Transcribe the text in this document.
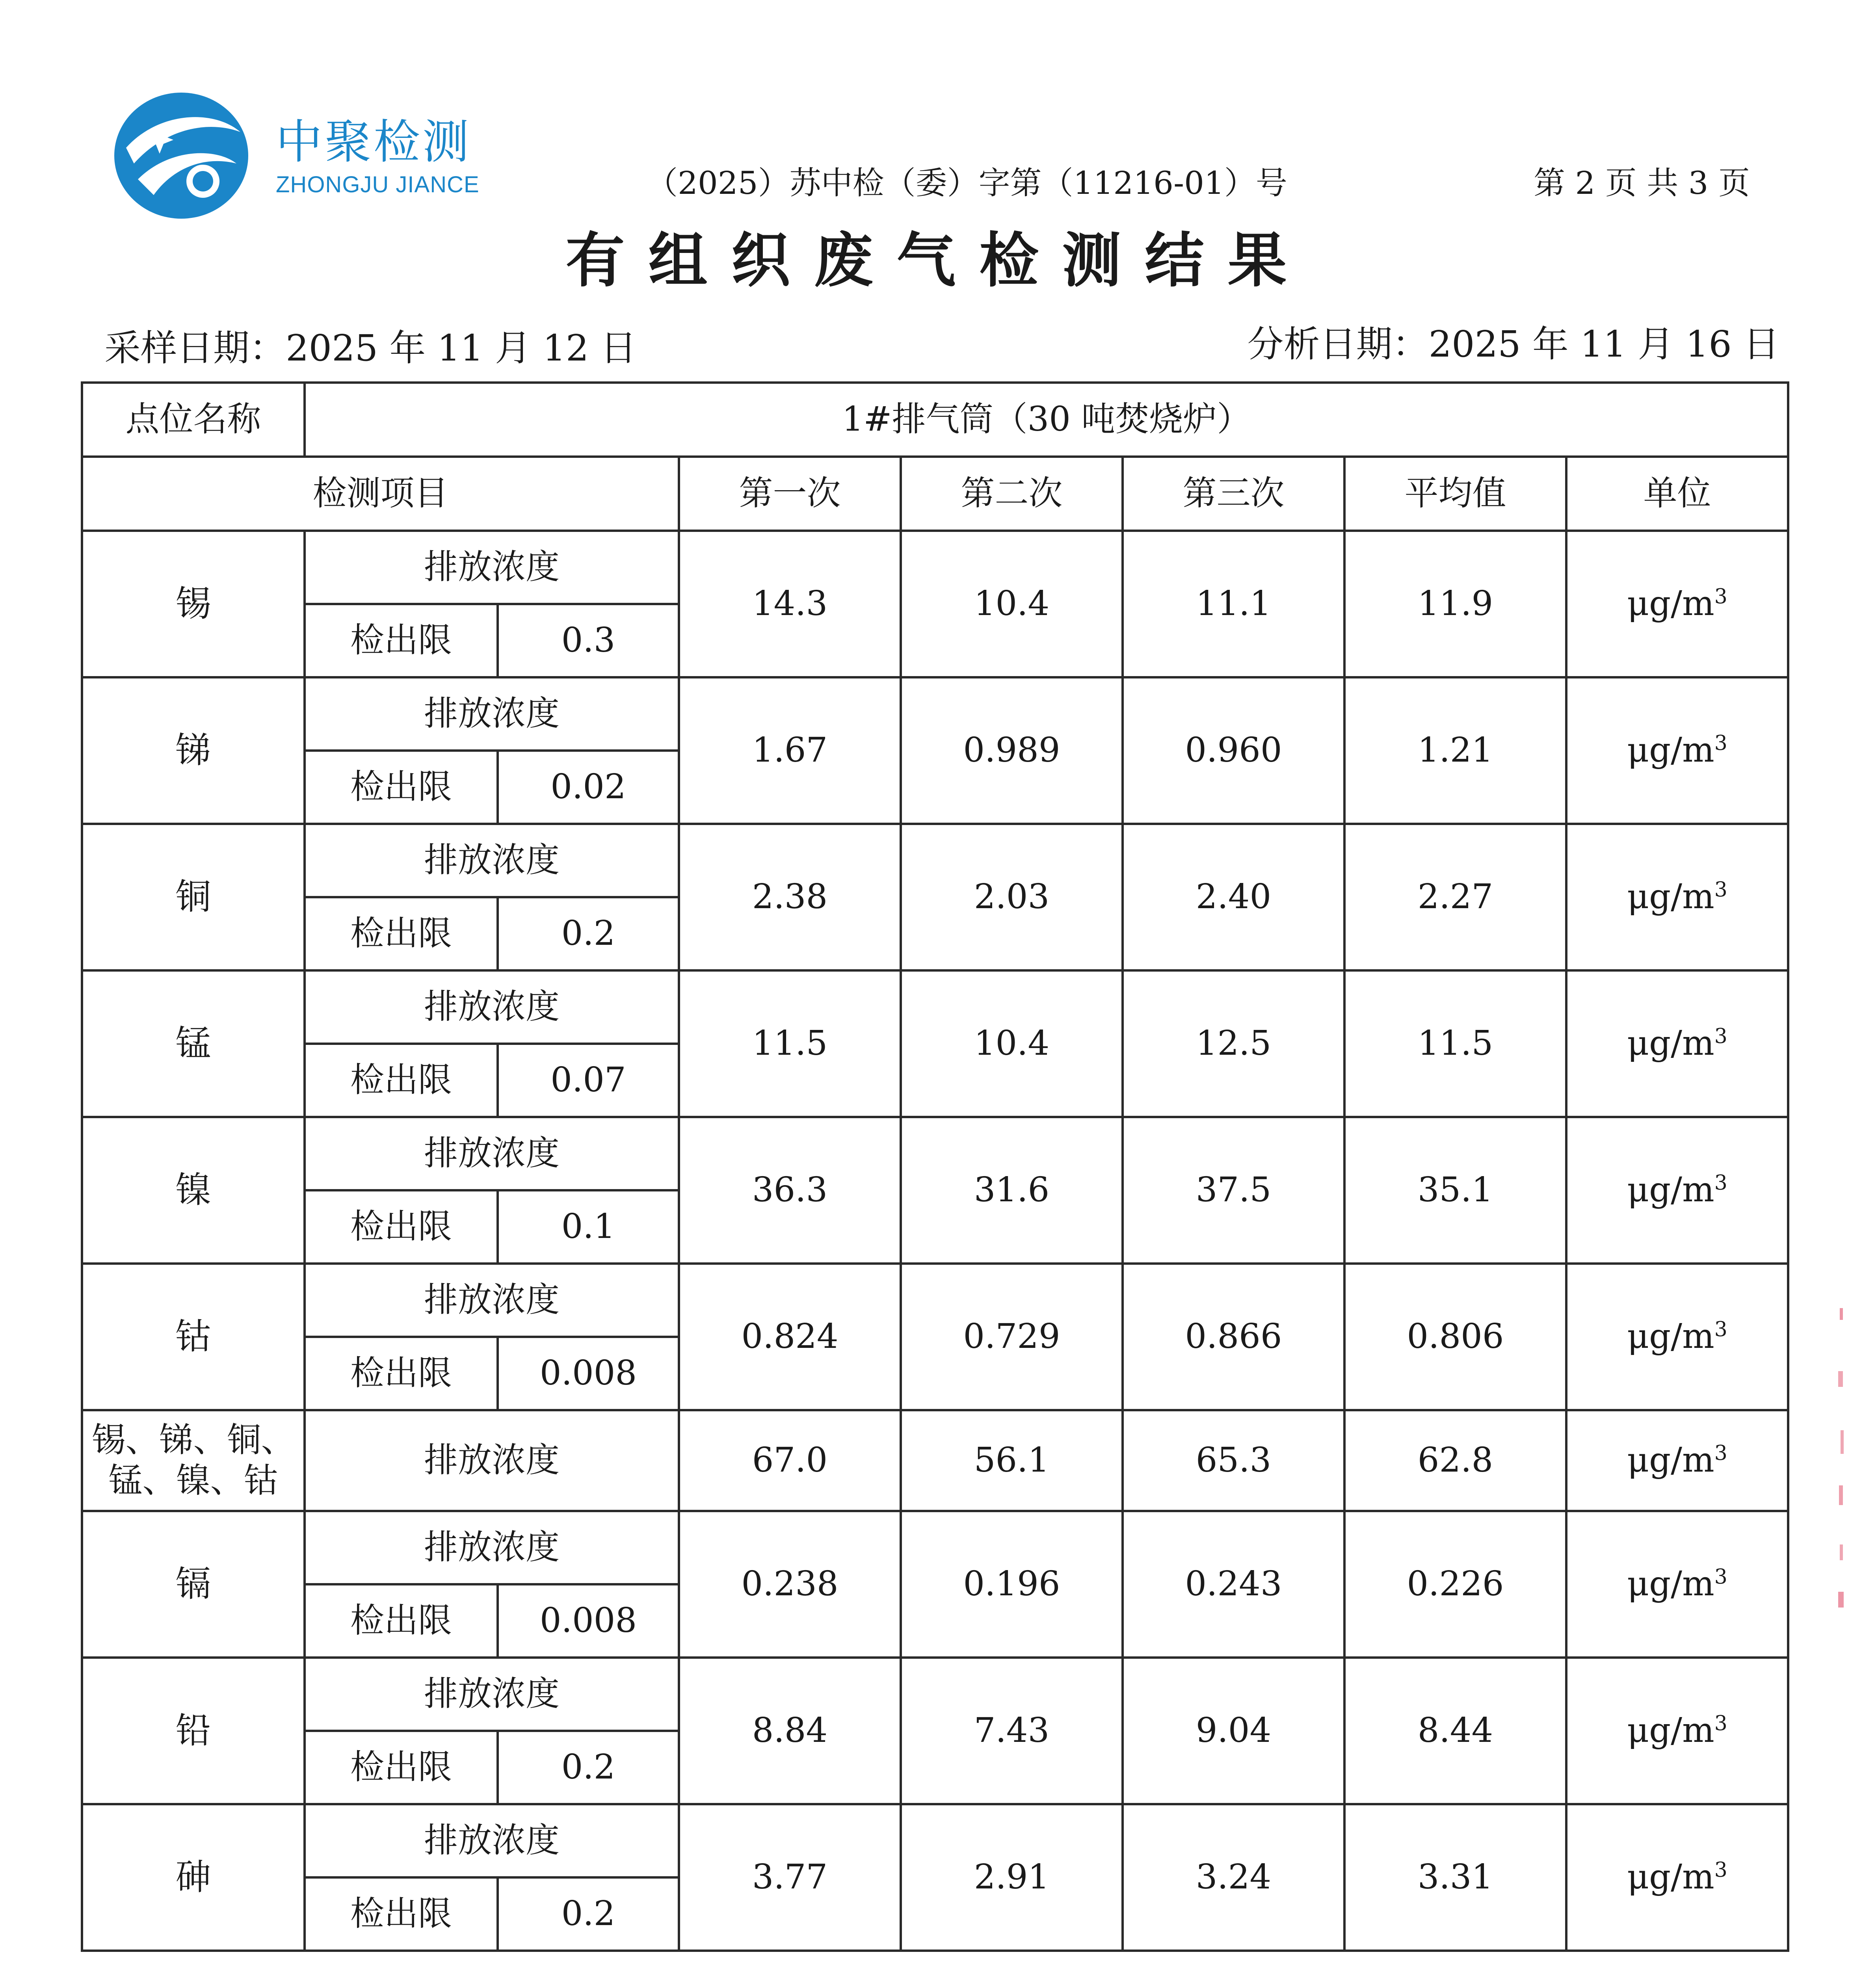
中聚检测
ZHONGJU JIANCE	（2025）苏中检（委）字第（11216-01）号	第 2 页 共 3 页
有组织废气检测结果
采样日期：2025 年 11 月 12 日	分析日期：2025 年 11 月 16 日
点位名称	1#排气筒（30 吨焚烧炉）						
检测项目			第一次	第二次	第三次	平均值	单位
锡	排放浓度		14.3	10.4	11.1	11.9	$\mu g/m^3$
	检出限	0.3					
锑	排放浓度		1.67	0.989	0.960	1.21	$\mu g/m^3$
	检出限	0.02					
铜	排放浓度		2.38	2.03	2.40	2.27	$\mu g/m^3$
	检出限	0.2					
锰	排放浓度		11.5	10.4	12.5	11.5	$\mu g/m^3$
	检出限	0.07					
镍	排放浓度		36.3	31.6	37.5	35.1	$\mu g/m^3$
	检出限	0.1					
钴	排放浓度		0.824	0.729	0.866	0.806	$\mu g/m^3$
	检出限	0.008					

锡、锑、铜、
锰、镍、钴	排放浓度		67.0	56.1	65.3	62.8	$\mu g/m^3$
镉	排放浓度		0.238	0.196	0.243	0.226	$\mu g/m^3$
	检出限	0.008					
铅	排放浓度		8.84	7.43	9.04	8.44	$\mu g/m^3$
	检出限	0.2					
砷	排放浓度		3.77	2.91	3.24	3.31	$\mu g/m^3$
	检出限	0.2					
